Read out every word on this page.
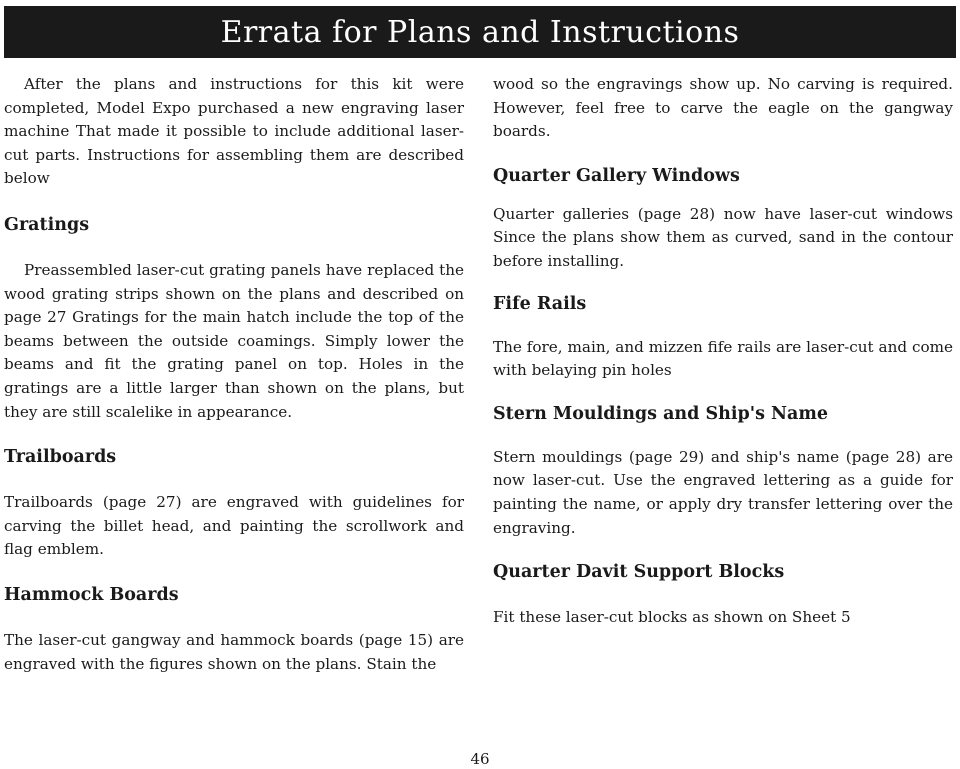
Errata for Plans and Instructions

After the plans and instructions for this kit were completed, Model Expo purchased a new engraving laser machine That made it possible to include additional laser-cut parts. Instructions for assembling them are described below

Gratings

Preassembled laser-cut grating panels have replaced the wood grating strips shown on the plans and described on page 27 Gratings for the main hatch include the top of the beams between the outside coamings. Simply lower the beams and fit the grating panel on top. Holes in the gratings are a little larger than shown on the plans, but they are still scalelike in appearance.

Trailboards

Trailboards (page 27) are engraved with guidelines for carving the billet head, and painting the scrollwork and flag emblem.

Hammock Boards

The laser-cut gangway and hammock boards (page 15) are engraved with the figures shown on the plans. Stain the

wood so the engravings show up. No carving is required. However, feel free to carve the eagle on the gangway boards.

Quarter Gallery Windows

Quarter galleries (page 28) now have laser-cut windows Since the plans show them as curved, sand in the contour before installing.

Fife Rails

The fore, main, and mizzen fife rails are laser-cut and come with belaying pin holes

Stern Mouldings and Ship's Name

Stern mouldings (page 29) and ship's name (page 28) are now laser-cut. Use the engraved lettering as a guide for painting the name, or apply dry transfer lettering over the engraving.

Quarter Davit Support Blocks

Fit these laser-cut blocks as shown on Sheet 5

46
